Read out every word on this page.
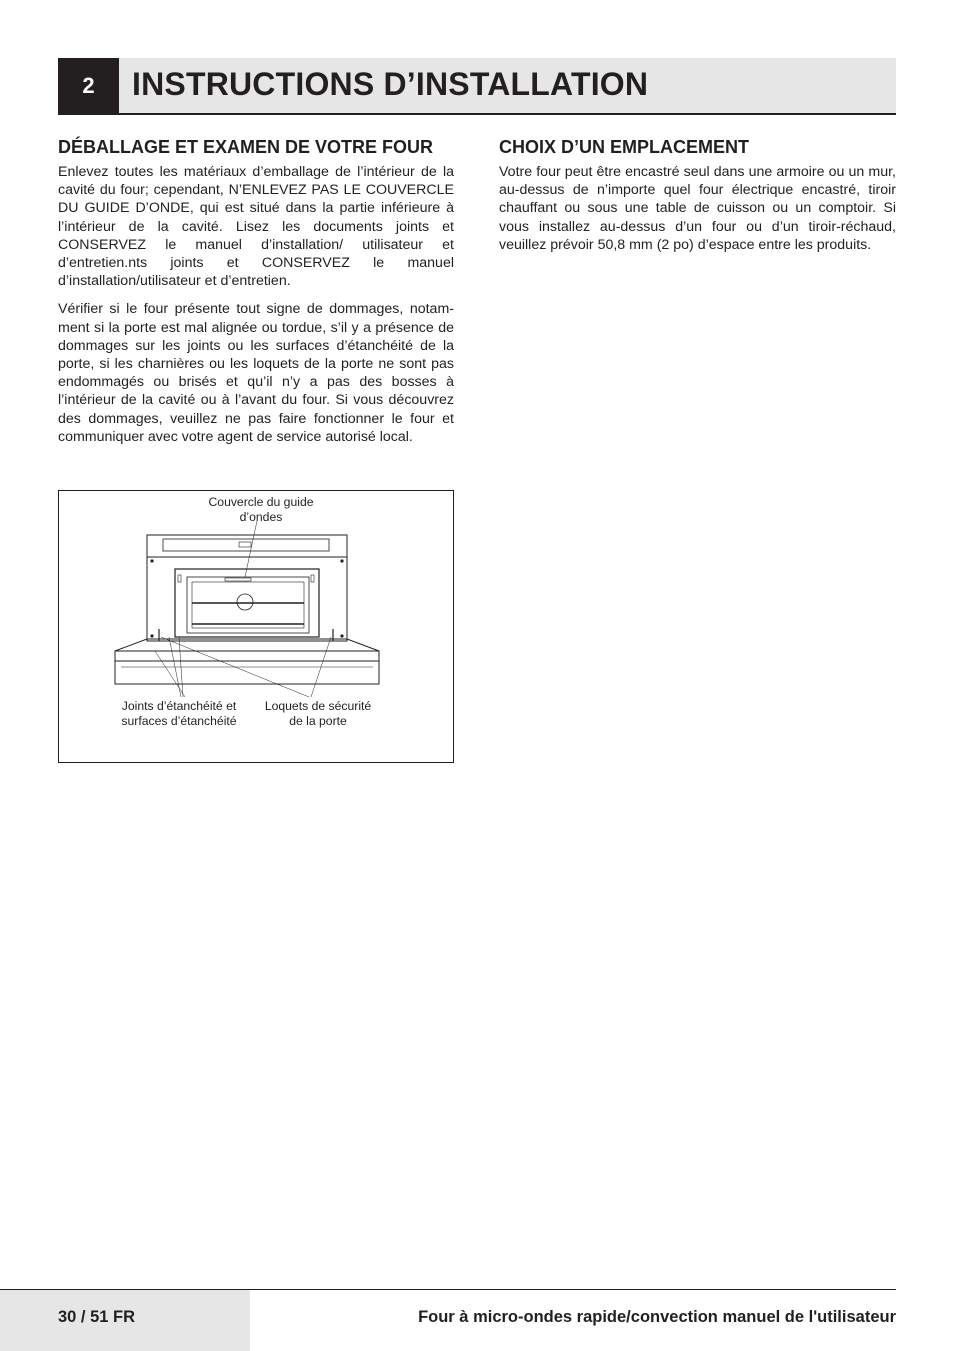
2	INSTRUCTIONS D’INSTALLATION
DÉBALLAGE ET EXAMEN DE VOTRE FOUR

Enlevez toutes les matériaux d’emballage de l’intérieur de la cavité du four; cependant, N’ENLEVEZ PAS LE COUVERCLE DU GUIDE D’ONDE, qui est situé dans la partie inférieure à l’intérieur de la cavité. Lisez les documents joints et CONSERVEZ le manuel d’installation/ utilisateur et d’entretien.nts joints et CONSERVEZ le manuel d’installation/utilisateur et d’entretien.

Vérifier si le four présente tout signe de dommages, notamment si la porte est mal alignée ou tordue, s’il y a présence de dommages sur les joints ou les surfaces d’étanchéité de la porte, si les charnières ou les loquets de la porte ne sont pas endommagés ou brisés et qu’il n’y a pas des bosses à l’intérieur de la cavité ou à l’avant du four. Si vous découvrez des dommages, veuillez ne pas faire fonctionner le four et communiquer avec votre agent de service autorisé local.

Couvercle du guide
d’ondes
Joints d’étanchéité et
surfaces d’étanchéité
Loquets de sécurité
de la porte
CHOIX D’UN EMPLACEMENT

Votre four peut être encastré seul dans une armoire ou un mur, au-dessus de n’importe quel four électrique encastré, tiroir chauffant ou sous une table de cuisson ou un comptoir. Si vous installez au-dessus d’un four ou d’un tiroir-réchaud, veuillez prévoir 50,8 mm (2 po) d’espace entre les produits.

30 / 51 FR	Four à micro-ondes rapide/convection manuel de l'utilisateur
